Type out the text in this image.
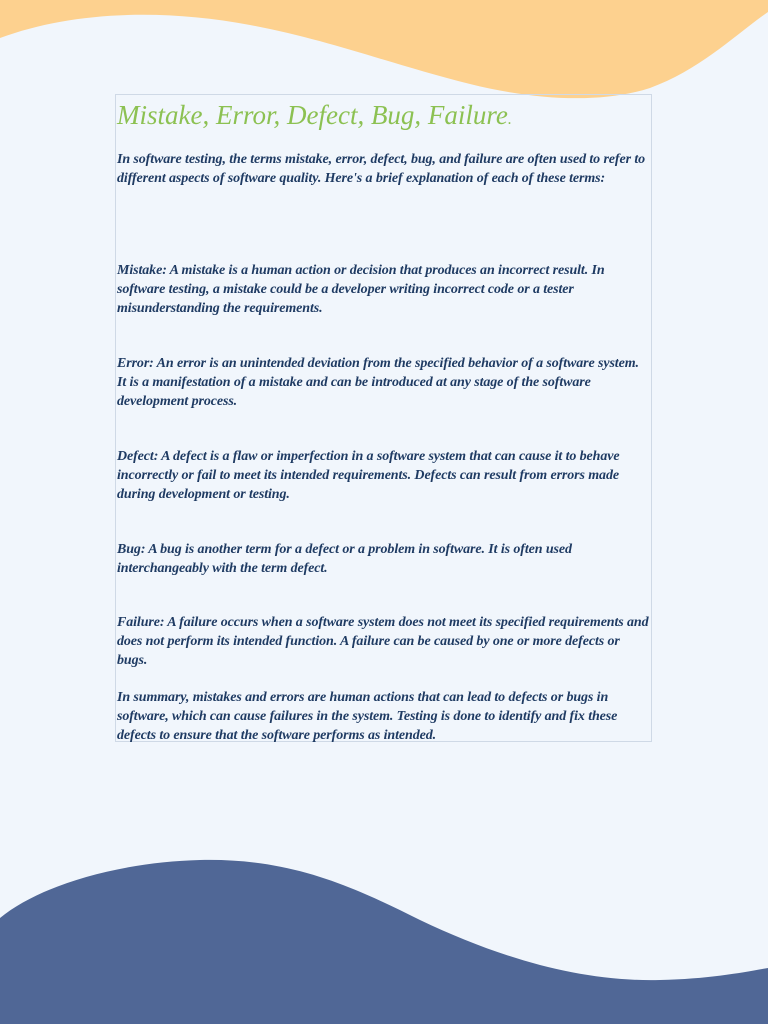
Mistake, Error, Defect, Bug, Failure.

In software testing, the terms mistake, error, defect, bug, and failure are often used to refer to different aspects of software quality. Here's a brief explanation of each of these terms:

Mistake: A mistake is a human action or decision that produces an incorrect result. In software testing, a mistake could be a developer writing incorrect code or a tester misunderstanding the requirements.

Error: An error is an unintended deviation from the specified behavior of a software system. It is a manifestation of a mistake and can be introduced at any stage of the software development process.

Defect: A defect is a flaw or imperfection in a software system that can cause it to behave incorrectly or fail to meet its intended requirements. Defects can result from errors made during development or testing.

Bug: A bug is another term for a defect or a problem in software. It is often used interchangeably with the term defect.

Failure: A failure occurs when a software system does not meet its specified requirements and does not perform its intended function. A failure can be caused by one or more defects or bugs.

In summary, mistakes and errors are human actions that can lead to defects or bugs in software, which can cause failures in the system. Testing is done to identify and fix these defects to ensure that the software performs as intended.
